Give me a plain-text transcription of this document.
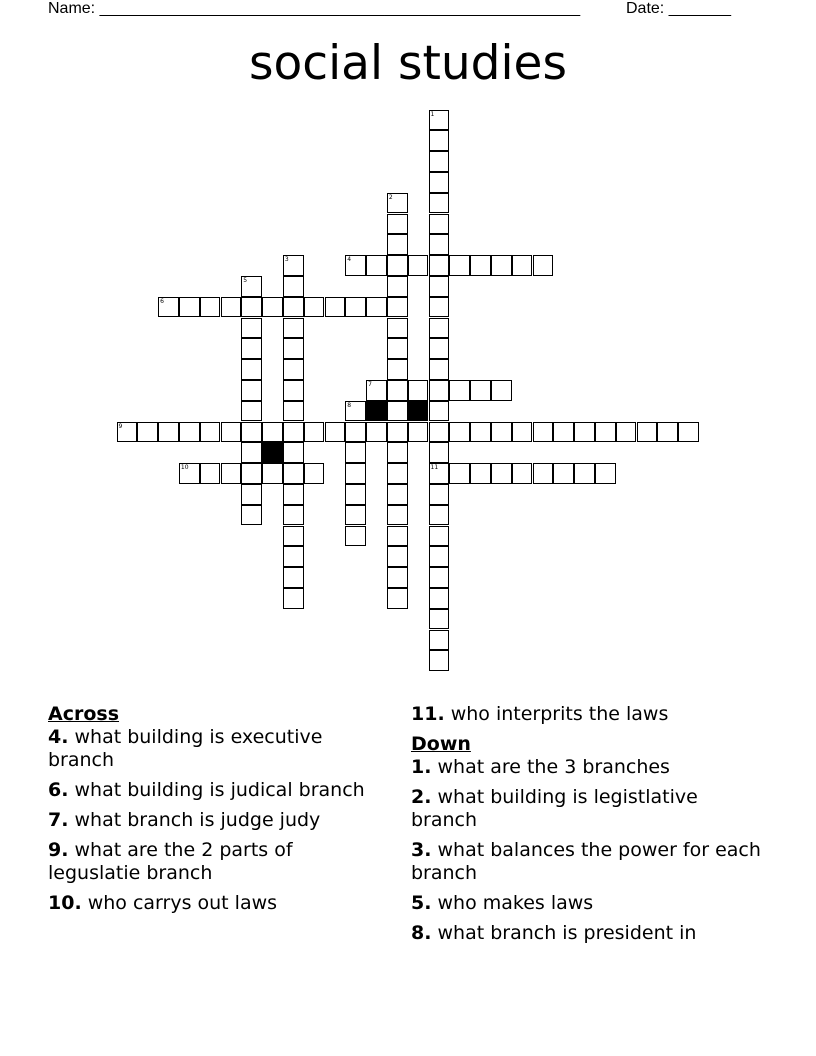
Name: ______________________________________________________	Date: _______
social studies
1
11
2
3	4
5
6
7
8
9
10
Across
4. what building is executive branch
6. what building is judical branch
7. what branch is judge judy
9. what are the 2 parts of leguslatie branch
10. who carrys out laws
11. who interprits the laws
Down
1. what are the 3 branches
2. what building is legistlative branch
3. what balances the power for each branch
5. who makes laws
8. what branch is president in
